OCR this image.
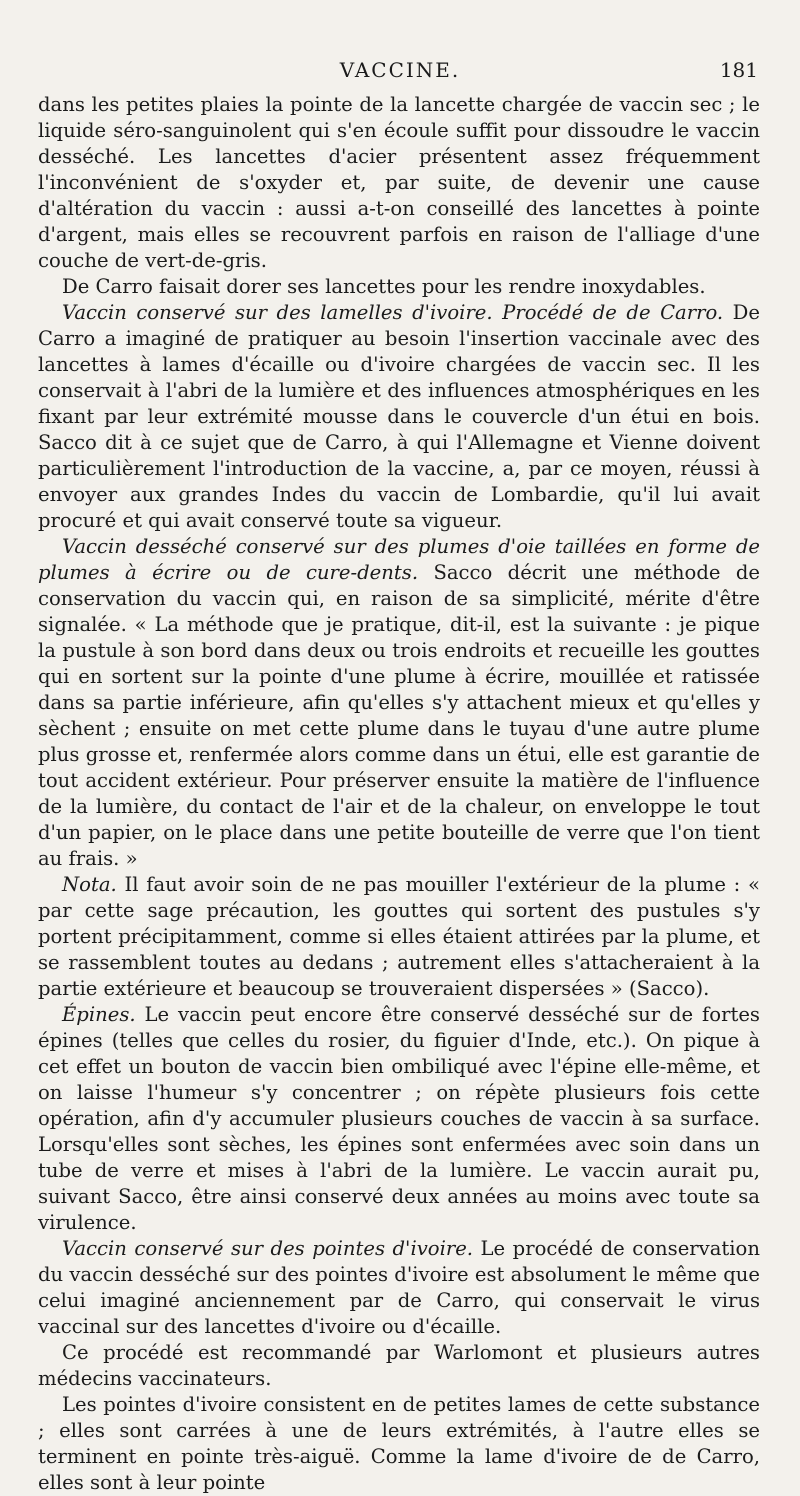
VACCINE.	181

dans les petites plaies la pointe de la lancette chargée de vaccin sec ; le liquide séro-sanguinolent qui s'en écoule suffit pour dissoudre le vaccin desséché. Les lancettes d'acier présentent assez fréquemment l'inconvénient de s'oxyder et, par suite, de devenir une cause d'altération du vaccin : aussi a-t-on conseillé des lancettes à pointe d'argent, mais elles se recouvrent parfois en raison de l'alliage d'une couche de vert-de-gris.

De Carro faisait dorer ses lancettes pour les rendre inoxydables.

Vaccin conservé sur des lamelles d'ivoire. Procédé de de Carro. De Carro a imaginé de pratiquer au besoin l'insertion vaccinale avec des lancettes à lames d'écaille ou d'ivoire chargées de vaccin sec. Il les conservait à l'abri de la lumière et des influences atmosphériques en les fixant par leur extrémité mousse dans le couvercle d'un étui en bois. Sacco dit à ce sujet que de Carro, à qui l'Allemagne et Vienne doivent particulièrement l'introduction de la vaccine, a, par ce moyen, réussi à envoyer aux grandes Indes du vaccin de Lombardie, qu'il lui avait procuré et qui avait conservé toute sa vigueur.

Vaccin desséché conservé sur des plumes d'oie taillées en forme de plumes à écrire ou de cure-dents. Sacco décrit une méthode de conservation du vaccin qui, en raison de sa simplicité, mérite d'être signalée. « La méthode que je pratique, dit-il, est la suivante : je pique la pustule à son bord dans deux ou trois endroits et recueille les gouttes qui en sortent sur la pointe d'une plume à écrire, mouillée et ratissée dans sa partie inférieure, afin qu'elles s'y attachent mieux et qu'elles y sèchent ; ensuite on met cette plume dans le tuyau d'une autre plume plus grosse et, renfermée alors comme dans un étui, elle est garantie de tout accident extérieur. Pour préserver ensuite la matière de l'influence de la lumière, du contact de l'air et de la chaleur, on enveloppe le tout d'un papier, on le place dans une petite bouteille de verre que l'on tient au frais. »

Nota. Il faut avoir soin de ne pas mouiller l'extérieur de la plume : « par cette sage précaution, les gouttes qui sortent des pustules s'y portent précipitamment, comme si elles étaient attirées par la plume, et se rassemblent toutes au dedans ; autrement elles s'attacheraient à la partie extérieure et beaucoup se trouveraient dispersées » (Sacco).

Épines. Le vaccin peut encore être conservé desséché sur de fortes épines (telles que celles du rosier, du figuier d'Inde, etc.). On pique à cet effet un bouton de vaccin bien ombiliqué avec l'épine elle-même, et on laisse l'humeur s'y concentrer ; on répète plusieurs fois cette opération, afin d'y accumuler plusieurs couches de vaccin à sa surface. Lorsqu'elles sont sèches, les épines sont enfermées avec soin dans un tube de verre et mises à l'abri de la lumière. Le vaccin aurait pu, suivant Sacco, être ainsi conservé deux années au moins avec toute sa virulence.

Vaccin conservé sur des pointes d'ivoire. Le procédé de conservation du vaccin desséché sur des pointes d'ivoire est absolument le même que celui imaginé anciennement par de Carro, qui conservait le virus vaccinal sur des lancettes d'ivoire ou d'écaille.

Ce procédé est recommandé par Warlomont et plusieurs autres médecins vaccinateurs.

Les pointes d'ivoire consistent en de petites lames de cette substance ; elles sont carrées à une de leurs extrémités, à l'autre elles se terminent en pointe très-aiguë. Comme la lame d'ivoire de de Carro, elles sont à leur pointe
